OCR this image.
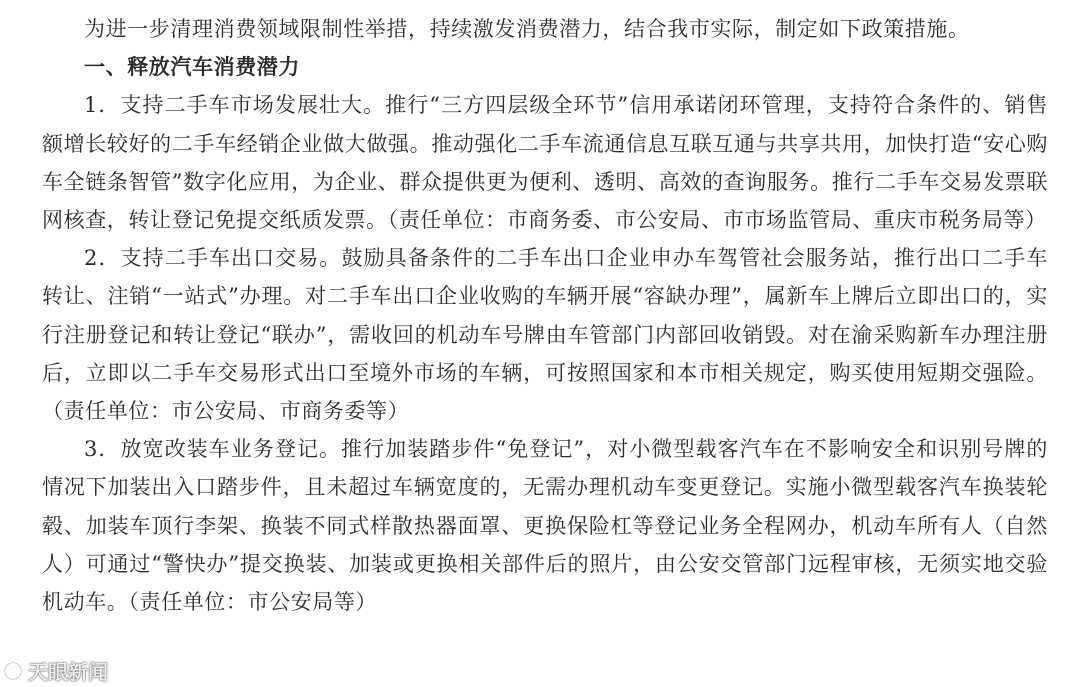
为进一步清理消费领域限制性举措，持续激发消费潜力，结合我市实际，制定如下政策措施。

一、释放汽车消费潜力

1．支持二手车市场发展壮大。推行“三方四层级全环节”信用承诺闭环管理，支持符合条件的、销售额增长较好的二手车经销企业做大做强。推动强化二手车流通信息互联互通与共享共用，加快打造“安心购车全链条智管”数字化应用，为企业、群众提供更为便利、透明、高效的查询服务。推行二手车交易发票联网核查，转让登记免提交纸质发票。（责任单位：市商务委、市公安局、市市场监管局、重庆市税务局等）

2．支持二手车出口交易。鼓励具备条件的二手车出口企业申办车驾管社会服务站，推行出口二手车转让、注销“一站式”办理。对二手车出口企业收购的车辆开展“容缺办理”，属新车上牌后立即出口的，实行注册登记和转让登记“联办”，需收回的机动车号牌由车管部门内部回收销毁。对在渝采购新车办理注册后，立即以二手车交易形式出口至境外市场的车辆，可按照国家和本市相关规定，购买使用短期交强险。（责任单位：市公安局、市商务委等）

3．放宽改装车业务登记。推行加装踏步件“免登记”，对小微型载客汽车在不影响安全和识别号牌的情况下加装出入口踏步件，且未超过车辆宽度的，无需办理机动车变更登记。实施小微型载客汽车换装轮毂、加装车顶行李架、换装不同式样散热器面罩、更换保险杠等登记业务全程网办，机动车所有人（自然人）可通过“警快办”提交换装、加装或更换相关部件后的照片，由公安交管部门远程审核，无须实地交验机动车。（责任单位：市公安局等）

天眼新闻
